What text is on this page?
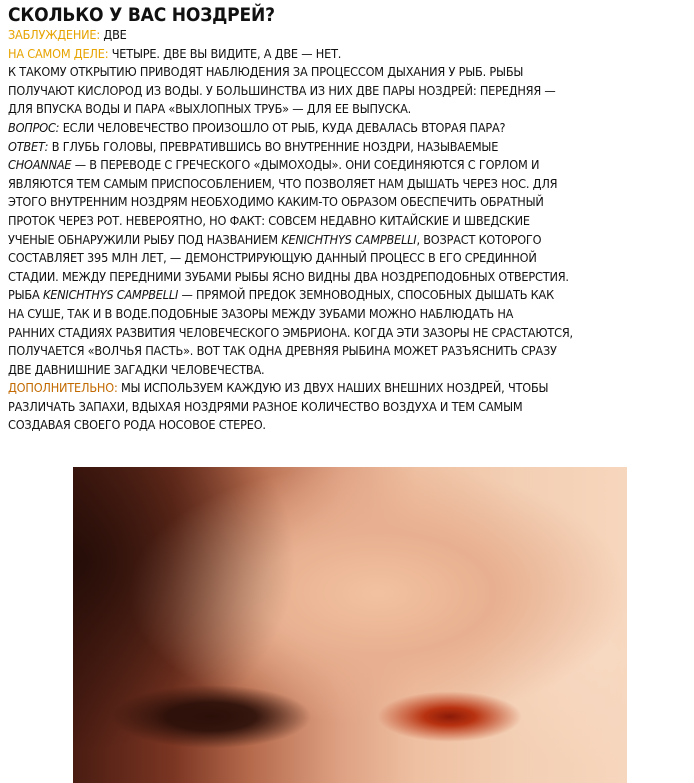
СКОЛЬКО У ВАС НОЗДРЕЙ?

ЗАБЛУЖДЕНИЕ: ДВЕ

НА САМОМ ДЕЛЕ: ЧЕТЫРЕ. ДВЕ ВЫ ВИДИТЕ, А ДВЕ — НЕТ.

К ТАКОМУ ОТКРЫТИЮ ПРИВОДЯТ НАБЛЮДЕНИЯ ЗА ПРОЦЕССОМ ДЫХАНИЯ У РЫБ. РЫБЫ

ПОЛУЧАЮТ КИСЛОРОД ИЗ ВОДЫ. У БОЛЬШИНСТВА ИЗ НИХ ДВЕ ПАРЫ НОЗДРЕЙ: ПЕРЕДНЯЯ —

ДЛЯ ВПУСКА ВОДЫ И ПАРА «ВЫХЛОПНЫХ ТРУБ» — ДЛЯ ЕЕ ВЫПУСКА.

ВОПРОС: ЕСЛИ ЧЕЛОВЕЧЕСТВО ПРОИЗОШЛО ОТ РЫБ, КУДА ДЕВАЛАСЬ ВТОРАЯ ПАРА?

ОТВЕТ: В ГЛУБЬ ГОЛОВЫ, ПРЕВРАТИВШИСЬ ВО ВНУТРЕННИЕ НОЗДРИ, НАЗЫВАЕМЫЕ

CHOANNAE — В ПЕРЕВОДЕ С ГРЕЧЕСКОГО «ДЫМОХОДЫ». ОНИ СОЕДИНЯЮТСЯ С ГОРЛОМ И

ЯВЛЯЮТСЯ ТЕМ САМЫМ ПРИСПОСОБЛЕНИЕМ, ЧТО ПОЗВОЛЯЕТ НАМ ДЫШАТЬ ЧЕРЕЗ НОС. ДЛЯ

ЭТОГО ВНУТРЕННИМ НОЗДРЯМ НЕОБХОДИМО КАКИМ-ТО ОБРАЗОМ ОБЕСПЕЧИТЬ ОБРАТНЫЙ

ПРОТОК ЧЕРЕЗ РОТ. НЕВЕРОЯТНО, НО ФАКТ: СОВСЕМ НЕДАВНО КИТАЙСКИЕ И ШВЕДСКИЕ

УЧЕНЫЕ ОБНАРУЖИЛИ РЫБУ ПОД НАЗВАНИЕМ KENICHTHYS CAMPBELLI, ВОЗРАСТ КОТОРОГО

СОСТАВЛЯЕТ 395 МЛН ЛЕТ, — ДЕМОНСТРИРУЮЩУЮ ДАННЫЙ ПРОЦЕСС В ЕГО СРЕДИННОЙ

СТАДИИ. МЕЖДУ ПЕРЕДНИМИ ЗУБАМИ РЫБЫ ЯСНО ВИДНЫ ДВА НОЗДРЕПОДОБНЫХ ОТВЕРСТИЯ.

РЫБА KENICHTHYS CAMPBELLI — ПРЯМОЙ ПРЕДОК ЗЕМНОВОДНЫХ, СПОСОБНЫХ ДЫШАТЬ КАК

НА СУШЕ, ТАК И В ВОДЕ.ПОДОБНЫЕ ЗАЗОРЫ МЕЖДУ ЗУБАМИ МОЖНО НАБЛЮДАТЬ НА

РАННИХ СТАДИЯХ РАЗВИТИЯ ЧЕЛОВЕЧЕСКОГО ЭМБРИОНА. КОГДА ЭТИ ЗАЗОРЫ НЕ СРАСТАЮТСЯ,

ПОЛУЧАЕТСЯ «ВОЛЧЬЯ ПАСТЬ». ВОТ ТАК ОДНА ДРЕВНЯЯ РЫБИНА МОЖЕТ РАЗЪЯСНИТЬ СРАЗУ

ДВЕ ДАВНИШНИЕ ЗАГАДКИ ЧЕЛОВЕЧЕСТВА.

ДОПОЛНИТЕЛЬНО: МЫ ИСПОЛЬЗУЕМ КАЖДУЮ ИЗ ДВУХ НАШИХ ВНЕШНИХ НОЗДРЕЙ, ЧТОБЫ

РАЗЛИЧАТЬ ЗАПАХИ, ВДЫХАЯ НОЗДРЯМИ РАЗНОЕ КОЛИЧЕСТВО ВОЗДУХА И ТЕМ САМЫМ

СОЗДАВАЯ СВОЕГО РОДА НОСОВОЕ СТЕРЕО.
